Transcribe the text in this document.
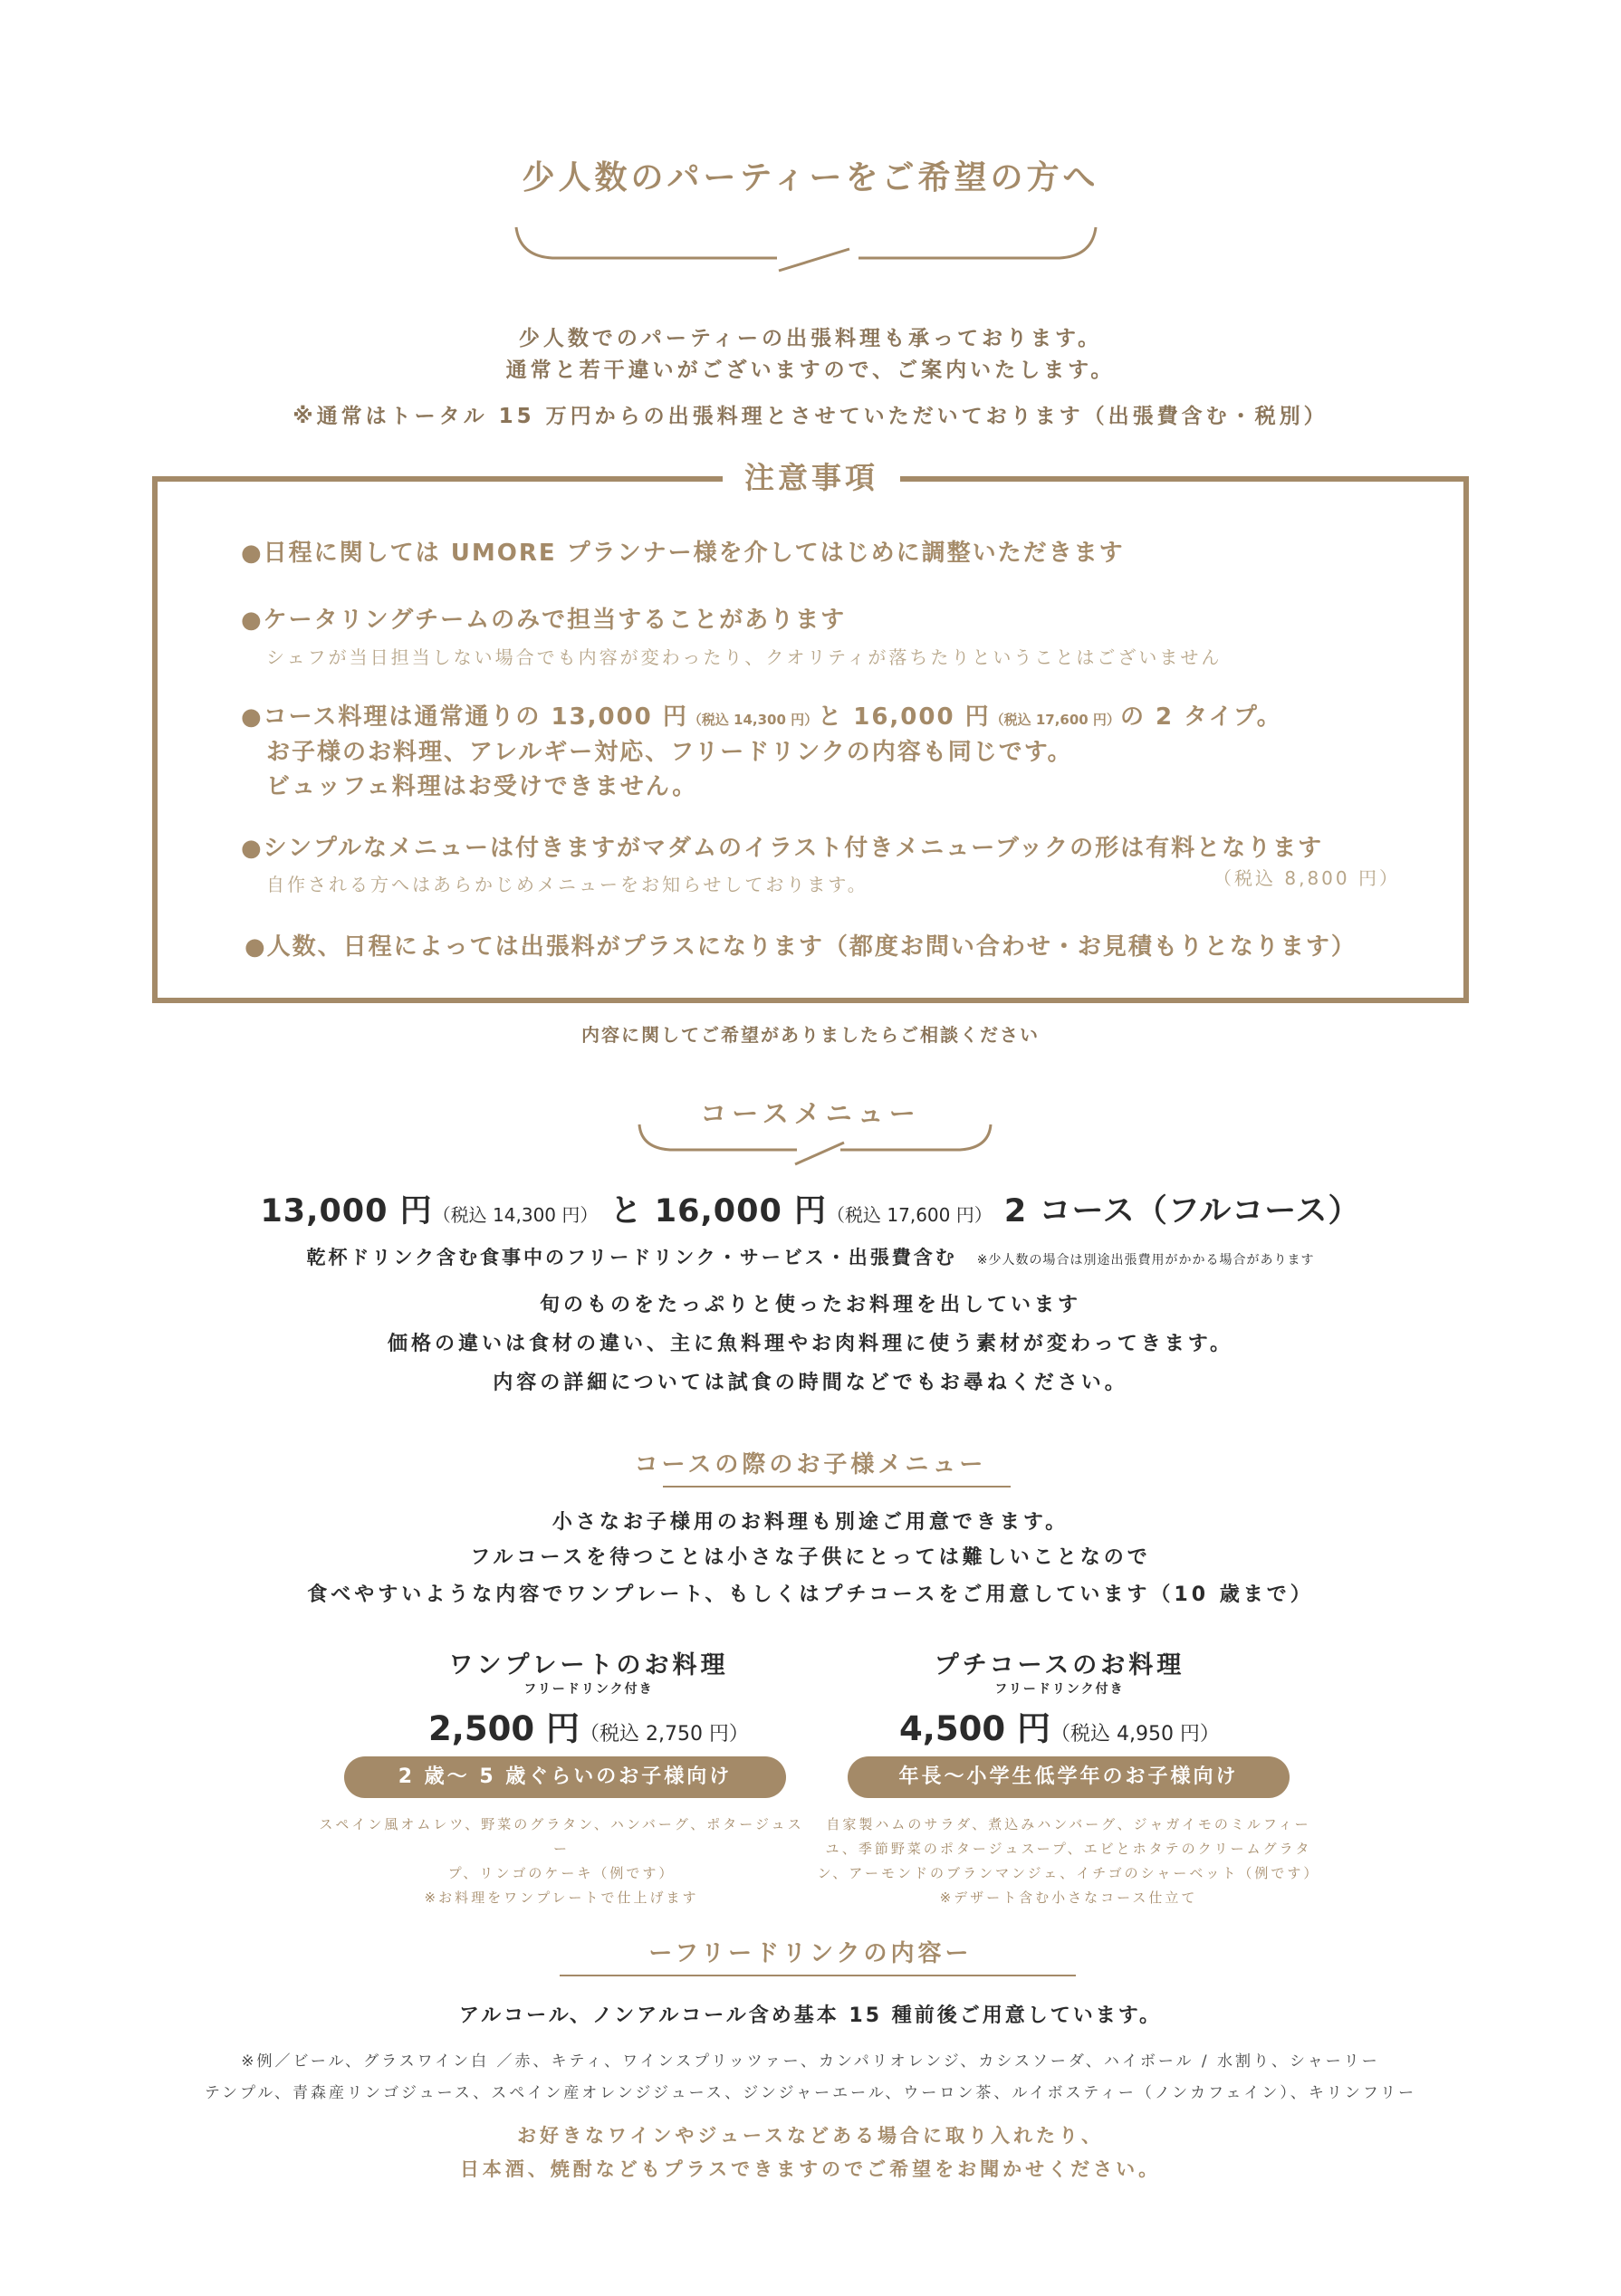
少人数のパーティーをご希望の方へ
少人数でのパーティーの出張料理も承っております。
通常と若干違いがございますので、ご案内いたします。
※通常はトータル 15 万円からの出張料理とさせていただいております（出張費含む・税別）
注意事項
●日程に関しては UMORE プランナー様を介してはじめに調整いただきます
●ケータリングチームのみで担当することがあります
シェフが当日担当しない場合でも内容が変わったり、クオリティが落ちたりということはございません
●コース料理は通常通りの 13,000 円（税込 14,300 円）と 16,000 円（税込 17,600 円）の 2 タイプ。
お子様のお料理、アレルギー対応、フリードリンクの内容も同じです。
ビュッフェ料理はお受けできません。
●シンプルなメニューは付きますがマダムのイラスト付きメニューブックの形は有料となります
自作される方へはあらかじめメニューをお知らせしております。	（税込 8,800 円）
●人数、日程によっては出張料がプラスになります（都度お問い合わせ・お見積もりとなります）
内容に関してご希望がありましたらご相談ください
コースメニュー
13,000 円（税込 14,300 円） と 16,000 円（税込 17,600 円） 2 コース（フルコース）
乾杯ドリンク含む食事中のフリードリンク・サービス・出張費含む ※少人数の場合は別途出張費用がかかる場合があります
旬のものをたっぷりと使ったお料理を出しています
価格の違いは食材の違い、主に魚料理やお肉料理に使う素材が変わってきます。
内容の詳細については試食の時間などでもお尋ねください。
コースの際のお子様メニュー
小さなお子様用のお料理も別途ご用意できます。
フルコースを待つことは小さな子供にとっては難しいことなので
食べやすいような内容でワンプレート、もしくはプチコースをご用意しています（10 歳まで）
ワンプレートのお料理
フリードリンク付き
2,500 円（税込 2,750 円）
2 歳～ 5 歳ぐらいのお子様向け
スペイン風オムレツ、野菜のグラタン、ハンバーグ、ポタージュスー
プ、リンゴのケーキ（例です）
※お料理をワンプレートで仕上げます
プチコースのお料理
フリードリンク付き
4,500 円（税込 4,950 円）
年長～小学生低学年のお子様向け
自家製ハムのサラダ、煮込みハンバーグ、ジャガイモのミルフィー
ユ、季節野菜のポタージュスープ、エビとホタテのクリームグラタ
ン、アーモンドのブランマンジェ、イチゴのシャーベット（例です）
※デザート含む小さなコース仕立て
ーフリードリンクの内容ー
アルコール、ノンアルコール含め基本 15 種前後ご用意しています。
※例／ビール、グラスワイン白 ／赤、キティ、ワインスプリッツァー、カンパリオレンジ、カシスソーダ、ハイボール / 水割り、シャーリー
テンプル、青森産リンゴジュース、スペイン産オレンジジュース、ジンジャーエール、ウーロン茶、ルイボスティー（ノンカフェイン）、キリンフリー
お好きなワインやジュースなどある場合に取り入れたり、
日本酒、焼酎などもプラスできますのでご希望をお聞かせください。
